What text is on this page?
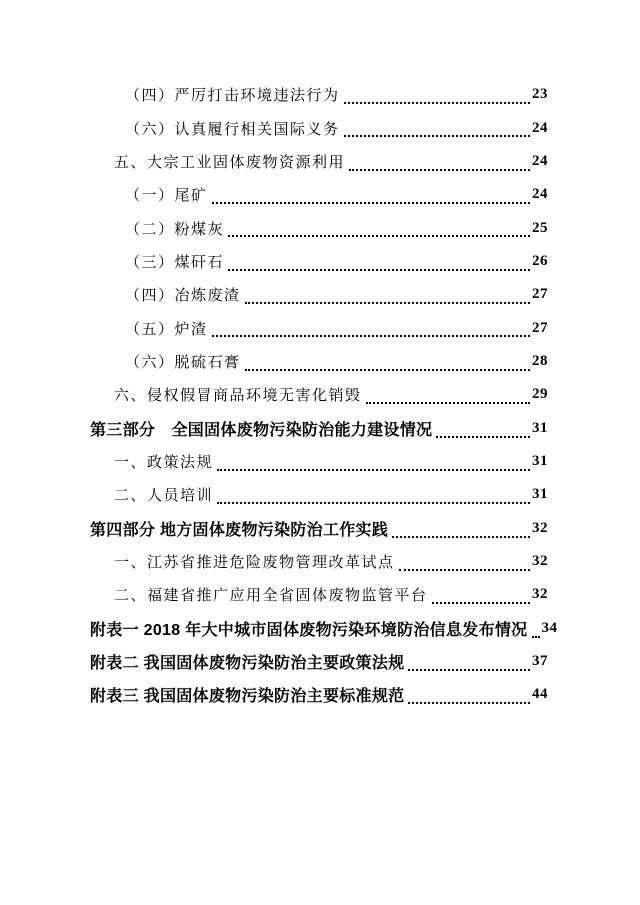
（四）严厉打击环境违法行为	23
（六）认真履行相关国际义务	24
五、大宗工业固体废物资源利用	24
（一）尾矿	24
（二）粉煤灰	25
（三）煤矸石	26
（四）冶炼废渣	27
（五）炉渣	27
（六）脱硫石膏	28
六、侵权假冒商品环境无害化销毁	29
第三部分　全国固体废物污染防治能力建设情况	31
一、政策法规	31
二、人员培训	31
第四部分 地方固体废物污染防治工作实践	32
一、江苏省推进危险废物管理改革试点	32
二、福建省推广应用全省固体废物监管平台	32
附表一 2018 年大中城市固体废物污染环境防治信息发布情况 34
附表二 我国固体废物污染防治主要政策法规	37
附表三 我国固体废物污染防治主要标准规范	44
